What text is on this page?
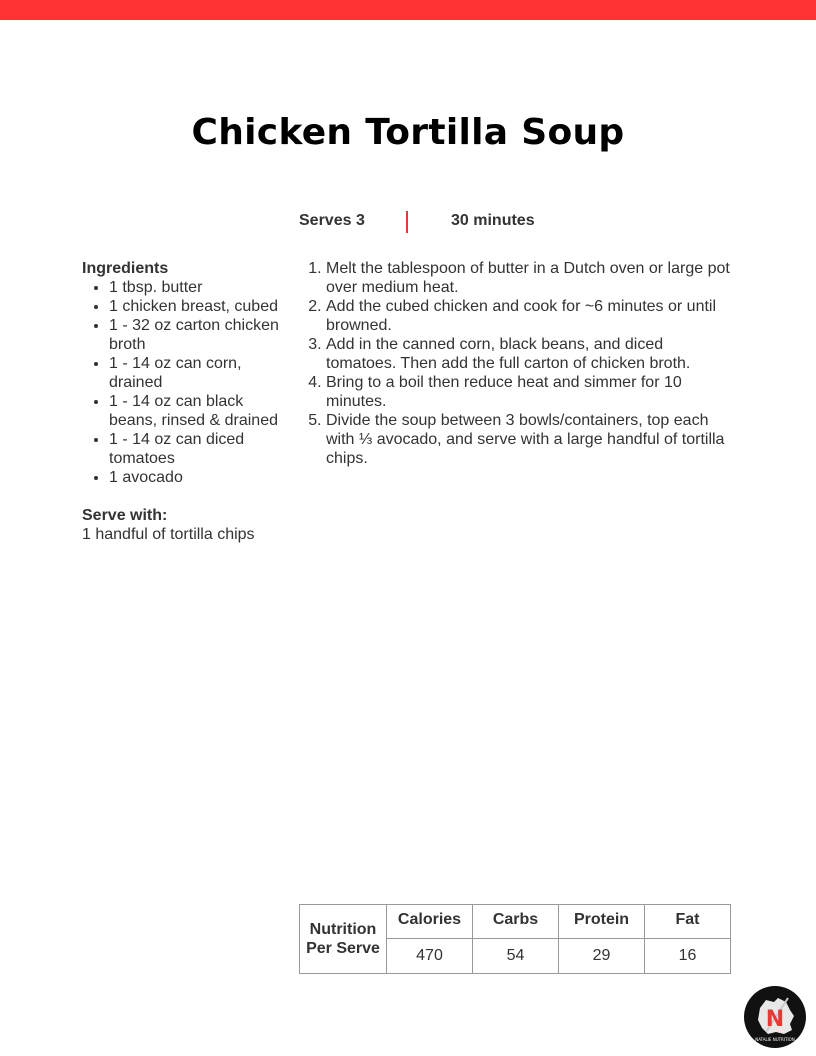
Chicken Tortilla Soup
Serves 3	30 minutes

Ingredients

• 1 tbsp. butter
• 1 chicken breast, cubed
• 1 - 32 oz carton chicken broth
• 1 - 14 oz can corn, drained
• 1 - 14 oz can black beans, rinsed & drained
• 1 - 14 oz can diced tomatoes
• 1 avocado

Serve with:

1 handful of tortilla chips
1. Melt the tablespoon of butter in a Dutch oven or large pot over medium heat.
2. Add the cubed chicken and cook for ~6 minutes or until browned.
3. Add in the canned corn, black beans, and diced tomatoes. Then add the full carton of chicken broth.
4. Bring to a boil then reduce heat and simmer for 10 minutes.
5. Divide the soup between 3 bowls/containers, top each with ⅓ avocado, and serve with a large handful of tortilla chips.
Nutrition
Per Serve	Calories	Carbs	Protein	Fat
	470	54	29	16
N
NATALIE NUTRITION
